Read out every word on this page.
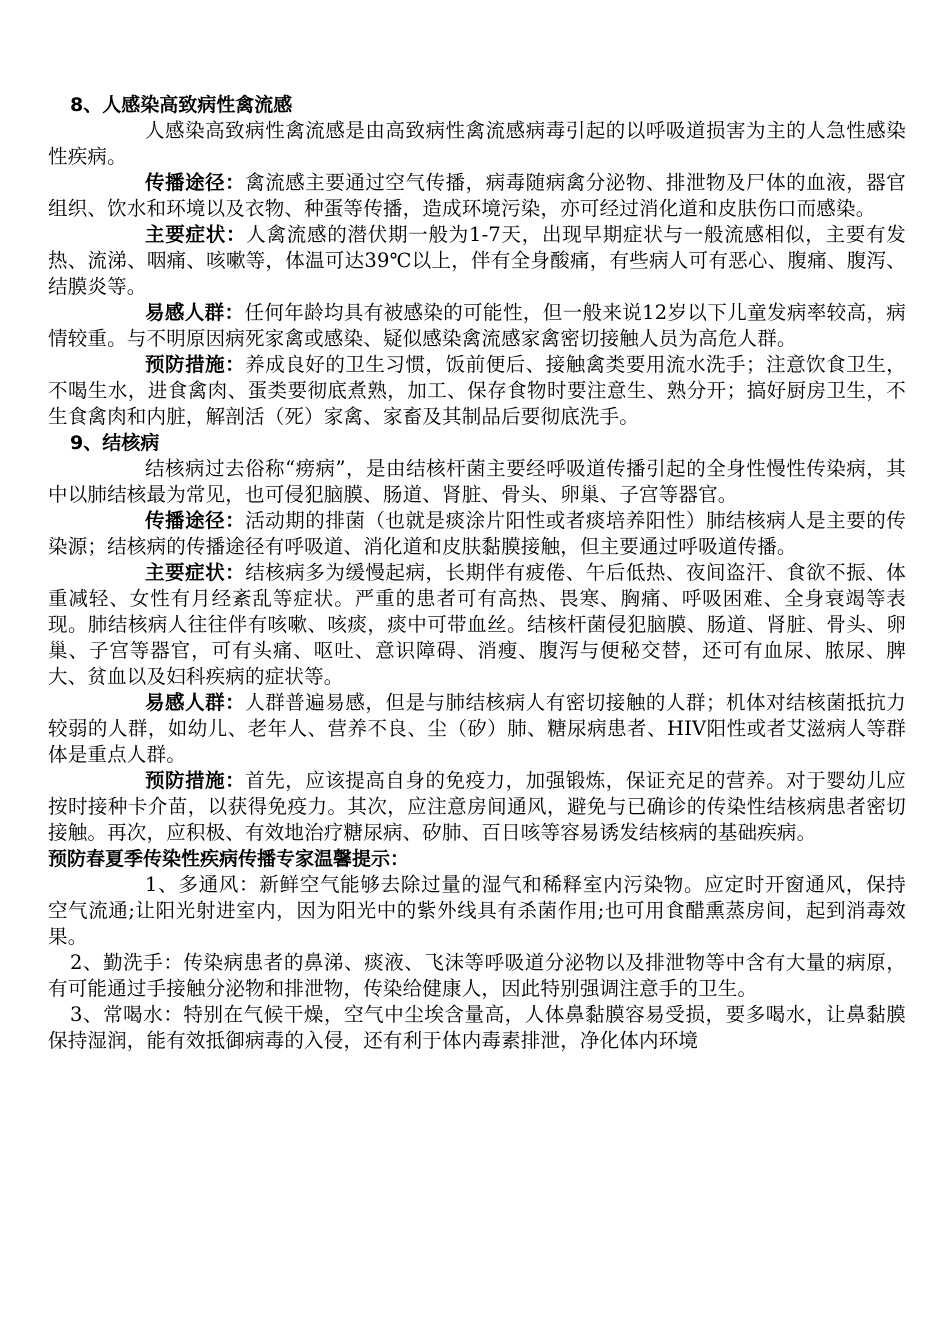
8、人感染高致病性禽流感

人感染高致病性禽流感是由高致病性禽流感病毒引起的以呼吸道损害为主的人急性感染性疾病。

传播途径：禽流感主要通过空气传播，病毒随病禽分泌物、排泄物及尸体的血液，器官组织、饮水和环境以及衣物、种蛋等传播，造成环境污染，亦可经过消化道和皮肤伤口而感染。

主要症状：人禽流感的潜伏期一般为1-7天，出现早期症状与一般流感相似，主要有发热、流涕、咽痛、咳嗽等，体温可达39℃以上，伴有全身酸痛，有些病人可有恶心、腹痛、腹泻、结膜炎等。

易感人群：任何年龄均具有被感染的可能性，但一般来说12岁以下儿童发病率较高，病情较重。与不明原因病死家禽或感染、疑似感染禽流感家禽密切接触人员为高危人群。

预防措施：养成良好的卫生习惯，饭前便后、接触禽类要用流水洗手；注意饮食卫生，不喝生水，进食禽肉、蛋类要彻底煮熟，加工、保存食物时要注意生、熟分开；搞好厨房卫生，不生食禽肉和内脏，解剖活（死）家禽、家畜及其制品后要彻底洗手。

9、结核病

结核病过去俗称“痨病”，是由结核杆菌主要经呼吸道传播引起的全身性慢性传染病，其中以肺结核最为常见，也可侵犯脑膜、肠道、肾脏、骨头、卵巢、子宫等器官。

传播途径：活动期的排菌（也就是痰涂片阳性或者痰培养阳性）肺结核病人是主要的传染源；结核病的传播途径有呼吸道、消化道和皮肤黏膜接触，但主要通过呼吸道传播。

主要症状：结核病多为缓慢起病，长期伴有疲倦、午后低热、夜间盗汗、食欲不振、体重减轻、女性有月经紊乱等症状。严重的患者可有高热、畏寒、胸痛、呼吸困难、全身衰竭等表现。肺结核病人往往伴有咳嗽、咳痰，痰中可带血丝。结核杆菌侵犯脑膜、肠道、肾脏、骨头、卵巢、子宫等器官，可有头痛、呕吐、意识障碍、消瘦、腹泻与便秘交替，还可有血尿、脓尿、脾大、贫血以及妇科疾病的症状等。

易感人群：人群普遍易感，但是与肺结核病人有密切接触的人群；机体对结核菌抵抗力较弱的人群，如幼儿、老年人、营养不良、尘（矽）肺、糖尿病患者、HIV阳性或者艾滋病人等群体是重点人群。

预防措施：首先，应该提高自身的免疫力，加强锻炼，保证充足的营养。对于婴幼儿应按时接种卡介苗，以获得免疫力。其次，应注意房间通风，避免与已确诊的传染性结核病患者密切接触。再次，应积极、有效地治疗糖尿病、矽肺、百日咳等容易诱发结核病的基础疾病。

预防春夏季传染性疾病传播专家温馨提示：

1、多通风：新鲜空气能够去除过量的湿气和稀释室内污染物。应定时开窗通风，保持空气流通;让阳光射进室内，因为阳光中的紫外线具有杀菌作用;也可用食醋熏蒸房间，起到消毒效果。

2、勤洗手：传染病患者的鼻涕、痰液、飞沫等呼吸道分泌物以及排泄物等中含有大量的病原，有可能通过手接触分泌物和排泄物，传染给健康人，因此特别强调注意手的卫生。

3、常喝水：特别在气候干燥，空气中尘埃含量高，人体鼻黏膜容易受损，要多喝水，让鼻黏膜保持湿润，能有效抵御病毒的入侵，还有利于体内毒素排泄，净化体内环境
